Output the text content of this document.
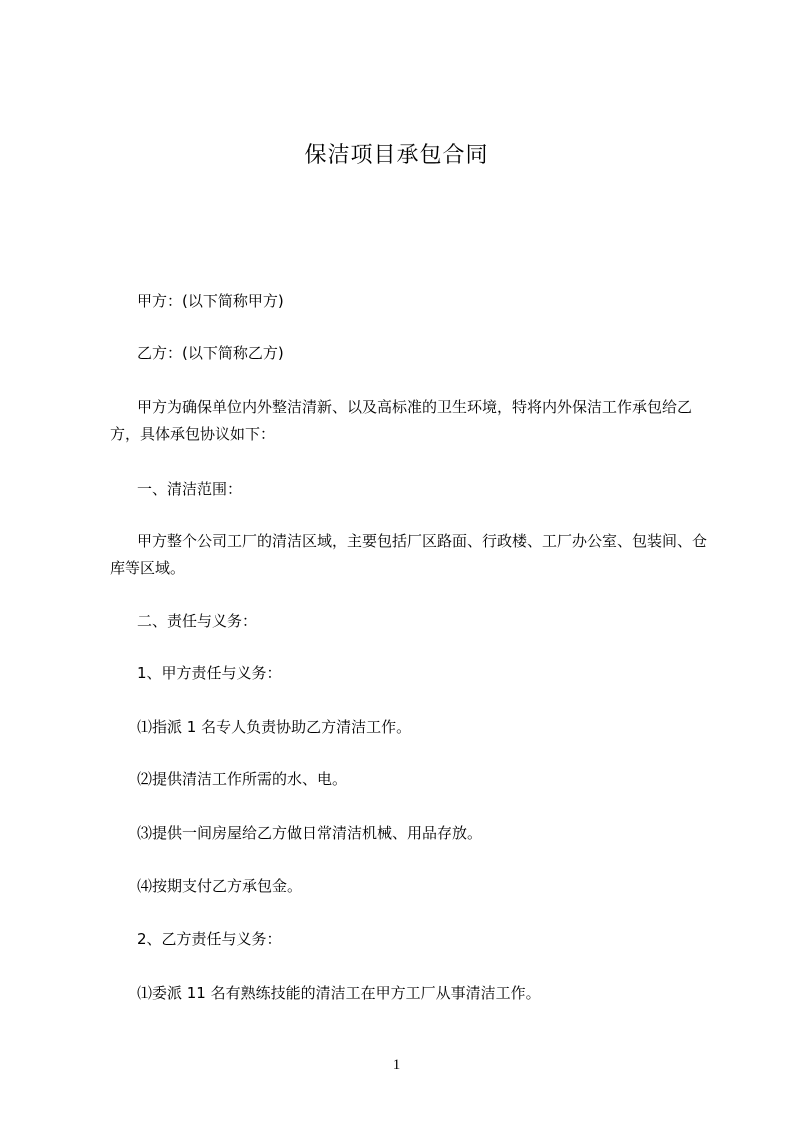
保洁项目承包合同

甲方：(以下简称甲方)

乙方：(以下简称乙方)

甲方为确保单位内外整洁清新、以及高标准的卫生环境，特将内外保洁工作承包给乙方，具体承包协议如下：

一、清洁范围：

甲方整个公司工厂的清洁区域，主要包括厂区路面、行政楼、工厂办公室、包装间、仓库等区域。

二、责任与义务：

1、甲方责任与义务：

⑴指派 1 名专人负责协助乙方清洁工作。

⑵提供清洁工作所需的水、电。

⑶提供一间房屋给乙方做日常清洁机械、用品存放。

⑷按期支付乙方承包金。

2、乙方责任与义务：

⑴委派 11 名有熟练技能的清洁工在甲方工厂从事清洁工作。

1
